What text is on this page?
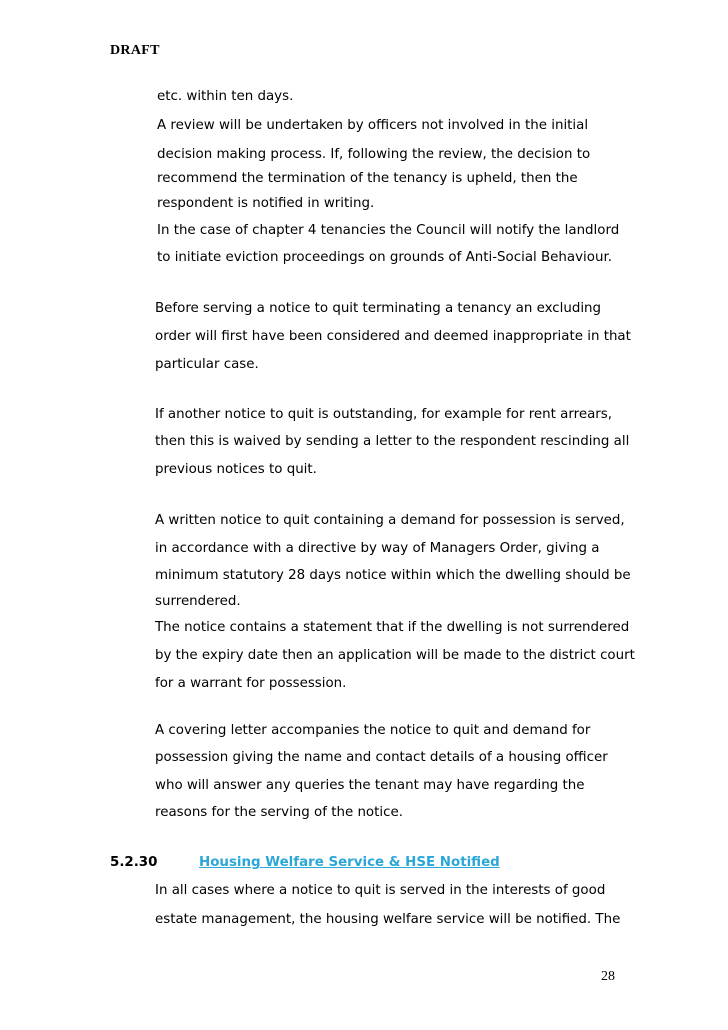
DRAFT
etc. within ten days.
A review will be undertaken by officers not involved in the initial
decision making process. If, following the review, the decision to
recommend the termination of the tenancy is upheld, then the
respondent is notified in writing.
In the case of chapter 4 tenancies the Council will notify the landlord
to initiate eviction proceedings on grounds of Anti-Social Behaviour.
Before serving a notice to quit terminating a tenancy an excluding
order will first have been considered and deemed inappropriate in that
particular case.
If another notice to quit is outstanding, for example for rent arrears,
then this is waived by sending a letter to the respondent rescinding all
previous notices to quit.
A written notice to quit containing a demand for possession is served,
in accordance with a directive by way of Managers Order, giving a
minimum statutory 28 days notice within which the dwelling should be
surrendered.
The notice contains a statement that if the dwelling is not surrendered
by the expiry date then an application will be made to the district court
for a warrant for possession.
A covering letter accompanies the notice to quit and demand for
possession giving the name and contact details of a housing officer
who will answer any queries the tenant may have regarding the
reasons for the serving of the notice.
5.2.30	Housing Welfare Service & HSE Notified
In all cases where a notice to quit is served in the interests of good
estate management, the housing welfare service will be notified. The
28
